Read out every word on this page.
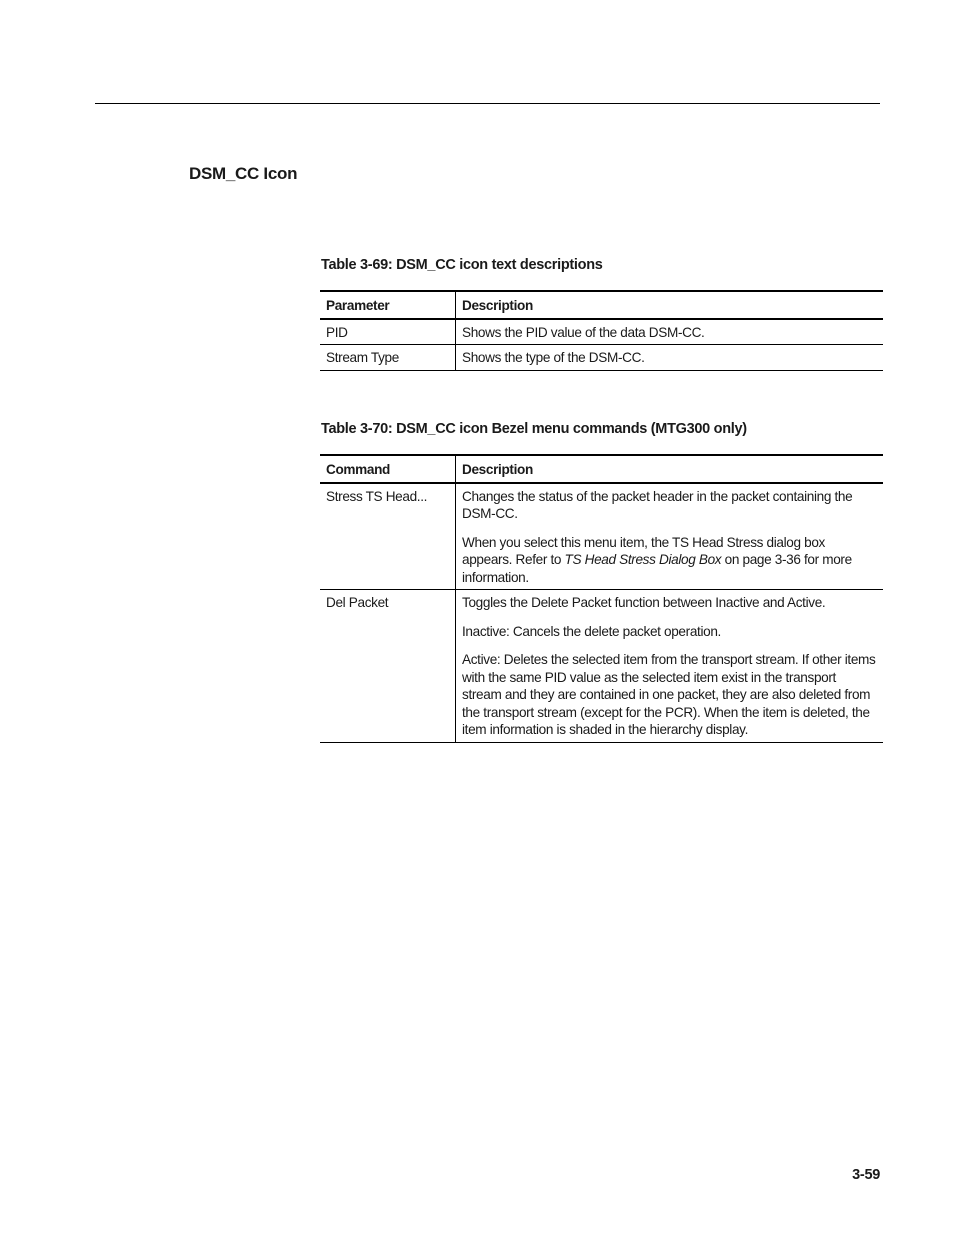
DSM_CC Icon
Table 3-69: DSM_CC icon text descriptions
Parameter	Description
PID	Shows the PID value of the data DSM-CC.
Stream Type	Shows the type of the DSM-CC.
Table 3-70: DSM_CC icon Bezel menu commands (MTG300 only)
Command	Description
Stress TS Head...	Changes the status of the packet header in the packet containing the DSM-CC.

When you select this menu item, the TS Head Stress dialog box appears. Refer to TS Head Stress Dialog Box on page 3-36 for more information.

Del Packet	Toggles the Delete Packet function between Inactive and Active.

Inactive: Cancels the delete packet operation.

Active: Deletes the selected item from the transport stream. If other items with the same PID value as the selected item exist in the transport stream and they are contained in one packet, they are also deleted from the transport stream (except for the PCR). When the item is deleted, the item information is shaded in the hierarchy display.

3-59
